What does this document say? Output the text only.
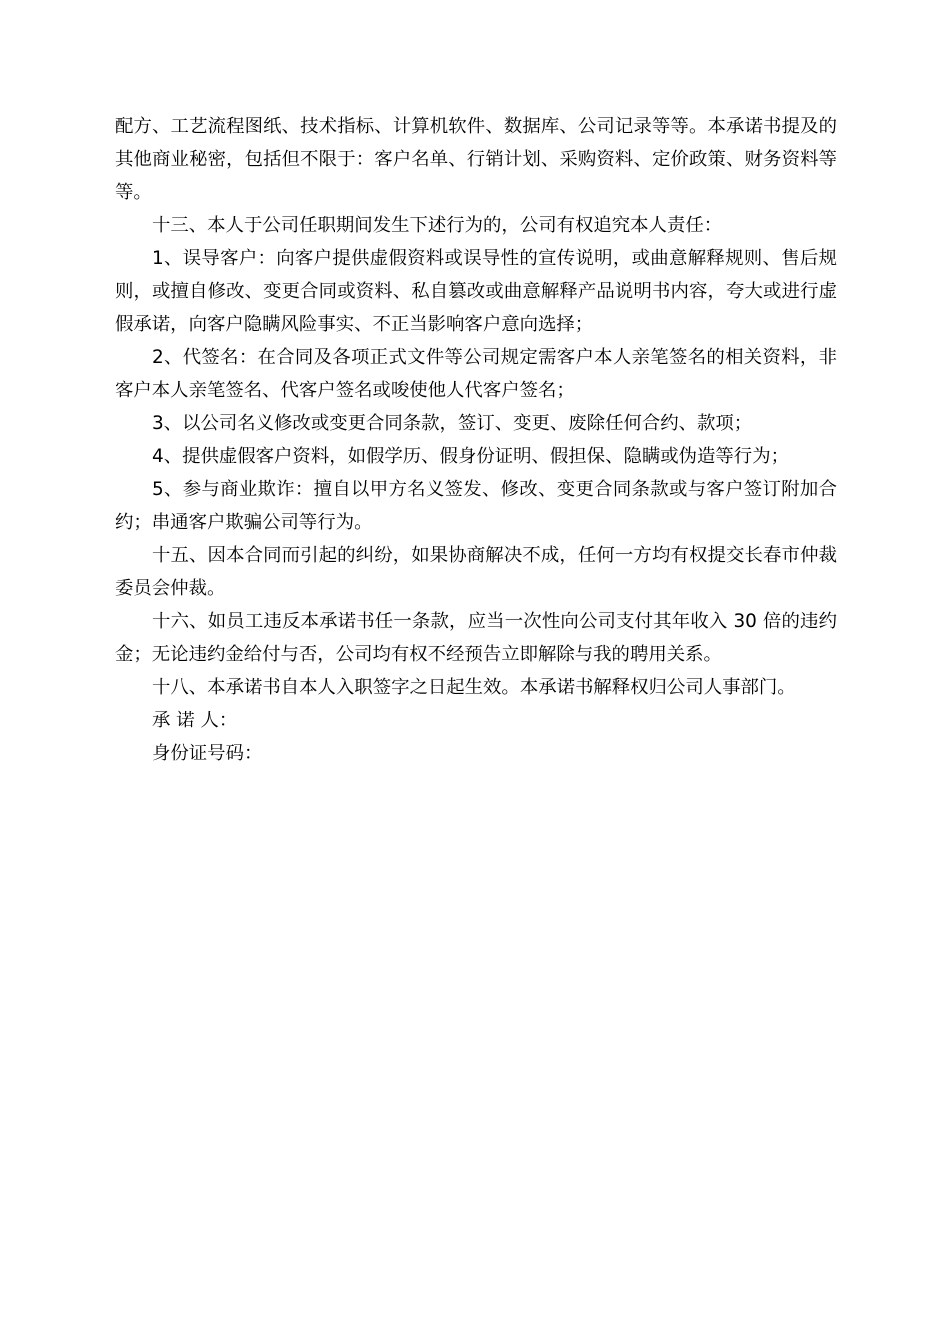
配方、工艺流程图纸、技术指标、计算机软件、数据库、公司记录等等。本承诺书提及的其他商业秘密，包括但不限于：客户名单、行销计划、采购资料、定价政策、财务资料等等。

十三、本人于公司任职期间发生下述行为的，公司有权追究本人责任：

1、误导客户：向客户提供虚假资料或误导性的宣传说明，或曲意解释规则、售后规则，或擅自修改、变更合同或资料、私自篡改或曲意解释产品说明书内容，夸大或进行虚假承诺，向客户隐瞒风险事实、不正当影响客户意向选择；

2、代签名：在合同及各项正式文件等公司规定需客户本人亲笔签名的相关资料，非客户本人亲笔签名、代客户签名或唆使他人代客户签名；

3、以公司名义修改或变更合同条款，签订、变更、废除任何合约、款项；

4、提供虚假客户资料，如假学历、假身份证明、假担保、隐瞒或伪造等行为；

5、参与商业欺诈：擅自以甲方名义签发、修改、变更合同条款或与客户签订附加合约；串通客户欺骗公司等行为。

十五、因本合同而引起的纠纷，如果协商解决不成，任何一方均有权提交长春市仲裁委员会仲裁。

十六、如员工违反本承诺书任一条款，应当一次性向公司支付其年收入 30 倍的违约金；无论违约金给付与否，公司均有权不经预告立即解除与我的聘用关系。

十八、本承诺书自本人入职签字之日起生效。本承诺书解释权归公司人事部门。

承 诺 人：

身份证号码：
